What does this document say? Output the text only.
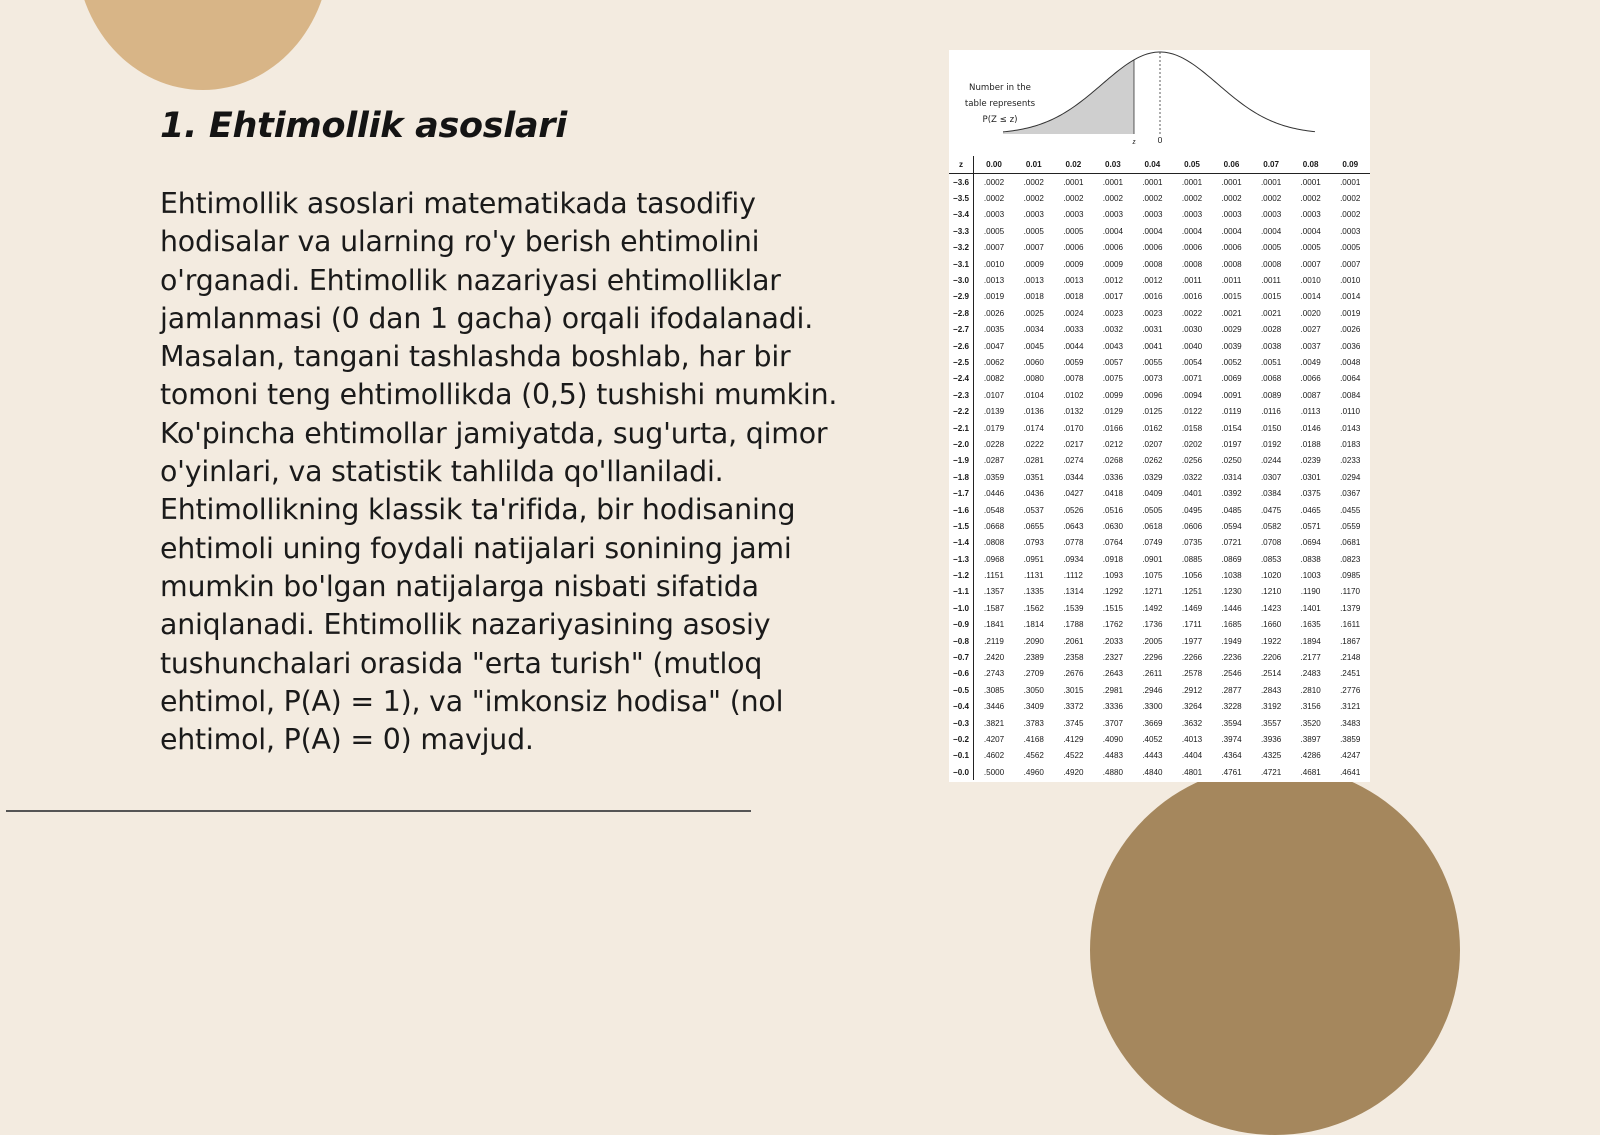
1. Ehtimollik asoslari

Ehtimollik asoslari matematikada tasodifiy hodisalar va ularning ro'y berish ehtimolini o'rganadi. Ehtimollik nazariyasi ehtimolliklar jamlanmasi (0 dan 1 gacha) orqali ifodalanadi. Masalan, tangani tashlashda boshlab, har bir tomoni teng ehtimollikda (0,5) tushishi mumkin. Ko'pincha ehtimollar jamiyatda, sug'urta, qimor o'yinlari, va statistik tahlilda qo'llaniladi. Ehtimollikning klassik ta'rifida, bir hodisaning ehtimoli uning foydali natijalari sonining jami mumkin bo'lgan natijalarga nisbati sifatida aniqlanadi. Ehtimollik nazariyasining asosiy tushunchalari orasida "erta turish" (mutloq ehtimol, P(A) = 1), va "imkonsiz hodisa" (nol ehtimol, P(A) = 0) mavjud.

z	0
Number in the
table represents
P(Z ≤ z)
z	0.00	0.01	0.02	0.03	0.04	0.05	0.06	0.07	0.08	0.09
−3.6	.0002	.0002	.0001	.0001	.0001	.0001	.0001	.0001	.0001	.0001
−3.5	.0002	.0002	.0002	.0002	.0002	.0002	.0002	.0002	.0002	.0002
−3.4	.0003	.0003	.0003	.0003	.0003	.0003	.0003	.0003	.0003	.0002
−3.3	.0005	.0005	.0005	.0004	.0004	.0004	.0004	.0004	.0004	.0003
−3.2	.0007	.0007	.0006	.0006	.0006	.0006	.0006	.0005	.0005	.0005
−3.1	.0010	.0009	.0009	.0009	.0008	.0008	.0008	.0008	.0007	.0007
−3.0	.0013	.0013	.0013	.0012	.0012	.0011	.0011	.0011	.0010	.0010
−2.9	.0019	.0018	.0018	.0017	.0016	.0016	.0015	.0015	.0014	.0014
−2.8	.0026	.0025	.0024	.0023	.0023	.0022	.0021	.0021	.0020	.0019
−2.7	.0035	.0034	.0033	.0032	.0031	.0030	.0029	.0028	.0027	.0026
−2.6	.0047	.0045	.0044	.0043	.0041	.0040	.0039	.0038	.0037	.0036
−2.5	.0062	.0060	.0059	.0057	.0055	.0054	.0052	.0051	.0049	.0048
−2.4	.0082	.0080	.0078	.0075	.0073	.0071	.0069	.0068	.0066	.0064
−2.3	.0107	.0104	.0102	.0099	.0096	.0094	.0091	.0089	.0087	.0084
−2.2	.0139	.0136	.0132	.0129	.0125	.0122	.0119	.0116	.0113	.0110
−2.1	.0179	.0174	.0170	.0166	.0162	.0158	.0154	.0150	.0146	.0143
−2.0	.0228	.0222	.0217	.0212	.0207	.0202	.0197	.0192	.0188	.0183
−1.9	.0287	.0281	.0274	.0268	.0262	.0256	.0250	.0244	.0239	.0233
−1.8	.0359	.0351	.0344	.0336	.0329	.0322	.0314	.0307	.0301	.0294
−1.7	.0446	.0436	.0427	.0418	.0409	.0401	.0392	.0384	.0375	.0367
−1.6	.0548	.0537	.0526	.0516	.0505	.0495	.0485	.0475	.0465	.0455
−1.5	.0668	.0655	.0643	.0630	.0618	.0606	.0594	.0582	.0571	.0559
−1.4	.0808	.0793	.0778	.0764	.0749	.0735	.0721	.0708	.0694	.0681
−1.3	.0968	.0951	.0934	.0918	.0901	.0885	.0869	.0853	.0838	.0823
−1.2	.1151	.1131	.1112	.1093	.1075	.1056	.1038	.1020	.1003	.0985
−1.1	.1357	.1335	.1314	.1292	.1271	.1251	.1230	.1210	.1190	.1170
−1.0	.1587	.1562	.1539	.1515	.1492	.1469	.1446	.1423	.1401	.1379
−0.9	.1841	.1814	.1788	.1762	.1736	.1711	.1685	.1660	.1635	.1611
−0.8	.2119	.2090	.2061	.2033	.2005	.1977	.1949	.1922	.1894	.1867
−0.7	.2420	.2389	.2358	.2327	.2296	.2266	.2236	.2206	.2177	.2148
−0.6	.2743	.2709	.2676	.2643	.2611	.2578	.2546	.2514	.2483	.2451
−0.5	.3085	.3050	.3015	.2981	.2946	.2912	.2877	.2843	.2810	.2776
−0.4	.3446	.3409	.3372	.3336	.3300	.3264	.3228	.3192	.3156	.3121
−0.3	.3821	.3783	.3745	.3707	.3669	.3632	.3594	.3557	.3520	.3483
−0.2	.4207	.4168	.4129	.4090	.4052	.4013	.3974	.3936	.3897	.3859
−0.1	.4602	.4562	.4522	.4483	.4443	.4404	.4364	.4325	.4286	.4247
−0.0	.5000	.4960	.4920	.4880	.4840	.4801	.4761	.4721	.4681	.4641
